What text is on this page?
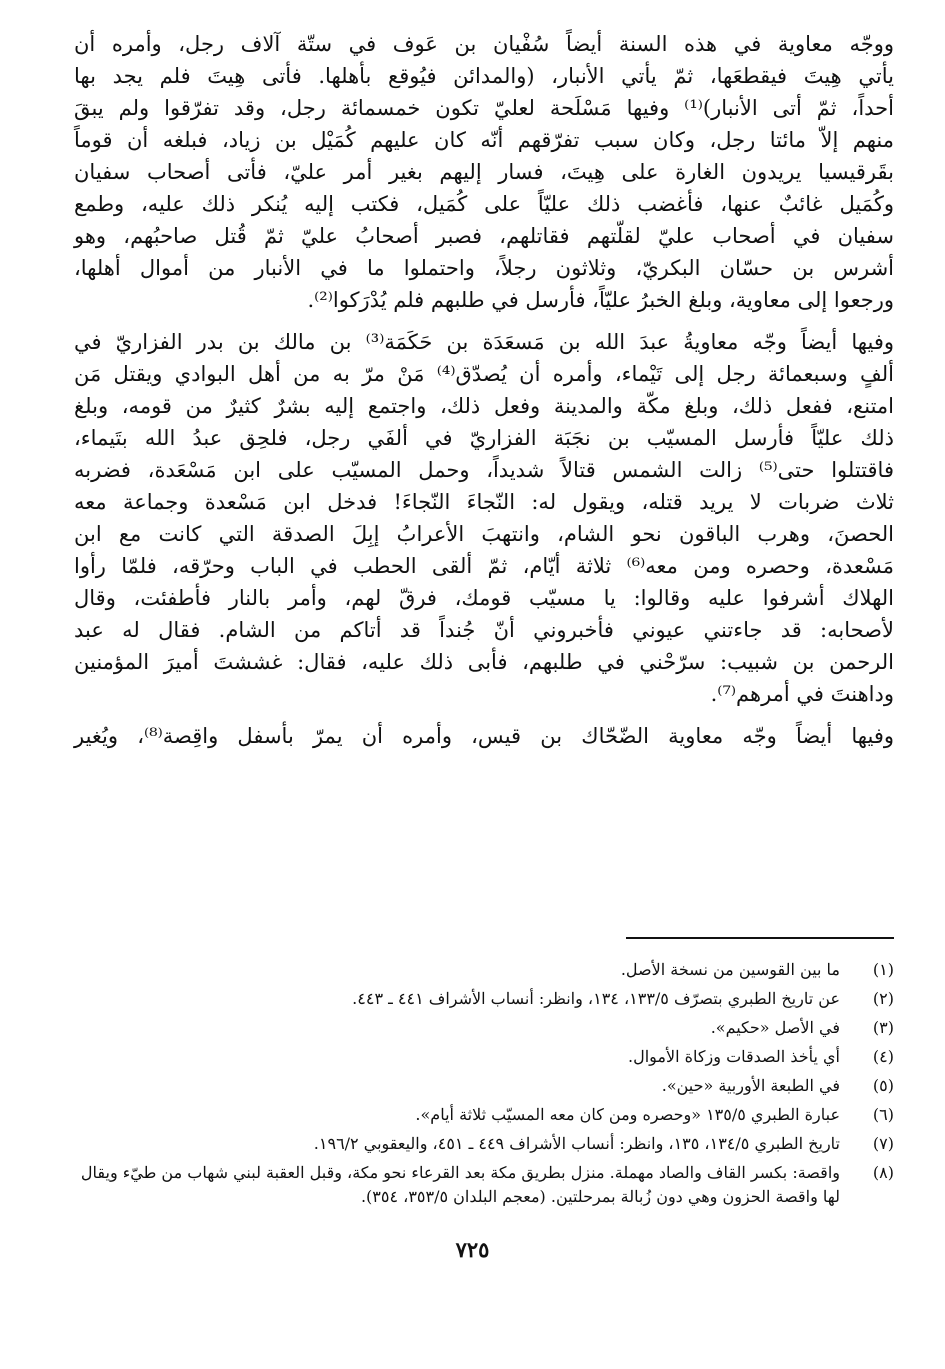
ووجّه معاوية في هذه السنة أيضاً سُفْيان بن عَوف في ستّة آلاف رجل، وأمره أن
يأتي هِيتَ فيقطعَها، ثمّ يأتي الأنبار، (والمدائن فيُوقع بأهلها. فأتى هِيتَ فلم يجد بها
أحداً، ثمّ أتى الأنبار)⁽¹⁾ وفيها مَسْلَحة لعليّ تكون خمسمائة رجل، وقد تفرّقوا ولم يبقَ
منهم إلاّ مائتا رجل، وكان سبب تفرّقهم أنّه كان عليهم كُمَيْل بن زياد، فبلغه أن قوماً
بقَرقيسيا يريدون الغارة على هِيتَ، فسار إليهم بغير أمر عليّ، فأتى أصحاب سفيان
وكُمَيل غائبٌ عنها، فأغضب ذلك عليّاً على كُمَيل، فكتب إليه يُنكر ذلك عليه، وطمع
سفيان في أصحاب عليّ لقلّتهم فقاتلهم، فصبر أصحابُ عليّ ثمّ قُتل صاحبُهم، وهو
أشرس بن حسّان البكريّ، وثلاثون رجلاً، واحتملوا ما في الأنبار من أموال أهلها،
ورجعوا إلى معاوية، وبلغ الخبرُ عليّاً، فأرسل في طلبهم فلم يُدْرَكوا⁽²⁾.

وفيها أيضاً وجّه معاويةُ عبدَ الله بن مَسعَدَة بن حَكَمَة⁽³⁾ بن مالك بن بدر الفزاريّ في
ألفٍ وسبعمائة رجل إلى تَيْماء، وأمره أن يُصدّق⁽⁴⁾ مَنْ مرّ به من أهل البوادي ويقتل مَن
امتنع، ففعل ذلك، وبلغ مكّة والمدينة وفعل ذلك، واجتمع إليه بشرٌ كثيرٌ من قومه، وبلغ
ذلك عليّاً فأرسل المسيّب بن نجَبَة الفزاريّ في ألفَي رجل، فلحِق عبدُ الله بتَيماء،
فاقتتلوا حتى⁽⁵⁾ زالت الشمس قتالاً شديداً، وحمل المسيّب على ابن مَسْعَدة، فضربه
ثلاث ضربات لا يريد قتله، ويقول له: النّجاءَ النّجاءَ! فدخل ابن مَسْعدة وجماعة معه
الحصنَ، وهرب الباقون نحو الشام، وانتهبَ الأعرابُ إبِلَ الصدقة التي كانت مع ابن
مَسْعدة، وحصره ومن معه⁽⁶⁾ ثلاثة أيّام، ثمّ ألقى الحطب في الباب وحرّقه، فلمّا رأوا
الهلاك أشرفوا عليه وقالوا: يا مسيّب قومك، فرقّ لهم، وأمر بالنار فأطفئت، وقال
لأصحابه: قد جاءتني عيوني فأخبروني أنّ جُنداً قد أتاكم من الشام. فقال له عبد
الرحمن بن شبيب: سرّحْني في طلبهم، فأبى ذلك عليه، فقال: غششتَ أميرَ المؤمنين
وداهنتَ في أمرهم⁽⁷⁾.

وفيها أيضاً وجّه معاوية الضّحّاك بن قيس، وأمره أن يمرّ بأسفل واقِصة⁽⁸⁾، ويُغير

(١)
ما بين القوسين من نسخة الأصل.
(٢)
عن تاريخ الطبري بتصرّف ١٣٣/٥، ١٣٤، وانظر: أنساب الأشراف ٤٤١ ـ ٤٤٣.
(٣)
في الأصل «حكيم».
(٤)
أي يأخذ الصدقات وزكاة الأموال.
(٥)
في الطبعة الأوربية «حين».
(٦)
عبارة الطبري ١٣٥/٥ «وحصره ومن كان معه المسيّب ثلاثة أيام».
(٧)
تاريخ الطبري ١٣٤/٥، ١٣٥، وانظر: أنساب الأشراف ٤٤٩ ـ ٤٥١، واليعقوبي ١٩٦/٢.
(٨)
واقصة: بكسر القاف والصاد مهملة. منزل بطريق مكة بعد القرعاء نحو مكة، وقبل العقبة لبني شهاب من طيّء ويقال لها واقصة الحزون وهي دون زُبالة بمرحلتين. (معجم البلدان ٣٥٣/٥، ٣٥٤).
٧٢٥
